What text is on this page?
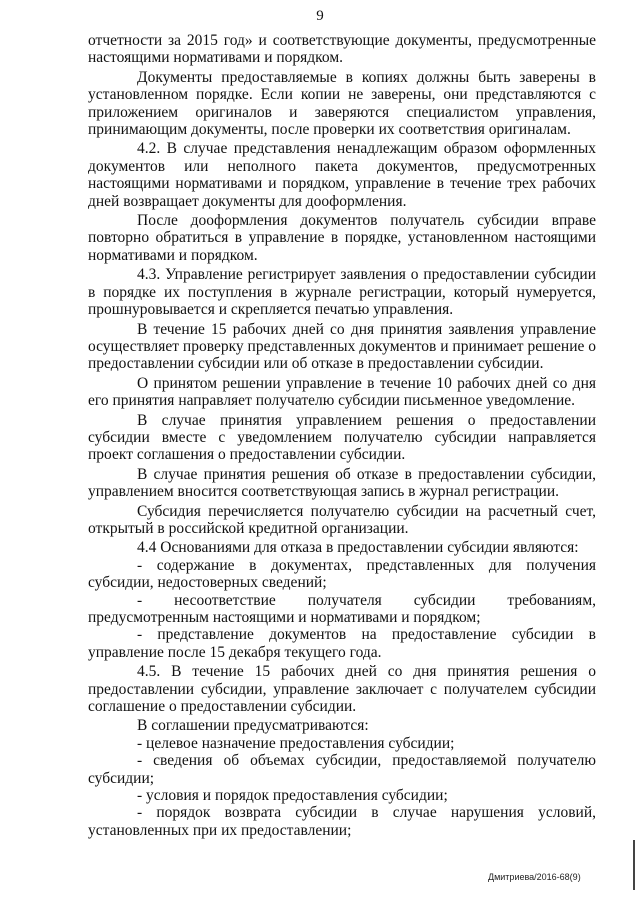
9

отчетности за 2015 год» и соответствующие документы, предусмотренные настоящими нормативами и порядком.

Документы предоставляемые в копиях должны быть заверены в установленном порядке. Если копии не заверены, они представляются с приложением оригиналов и заверяются специалистом управления, принимающим документы, после проверки их соответствия оригиналам.

4.2. В случае представления ненадлежащим образом оформленных документов или неполного пакета документов, предусмотренных настоящими нормативами и порядком, управление в течение трех рабочих дней возвращает документы для дооформления.

После дооформления документов получатель субсидии вправе повторно обратиться в управление в порядке, установленном настоящими нормативами и порядком.

4.3. Управление регистрирует заявления о предоставлении субсидии в порядке их поступления в журнале регистрации, который нумеруется, прошнуровывается и скрепляется печатью управления.

В течение 15 рабочих дней со дня принятия заявления управление осуществляет проверку представленных документов и принимает решение о предоставлении субсидии или об отказе в предоставлении субсидии.

О принятом решении управление в течение 10 рабочих дней со дня его принятия направляет получателю субсидии письменное уведомление.

В случае принятия управлением решения о предоставлении субсидии вместе с уведомлением получателю субсидии направляется проект соглашения о предоставлении субсидии.

В случае принятия решения об отказе в предоставлении субсидии, управлением вносится соответствующая запись в журнал регистрации.

Субсидия перечисляется получателю субсидии на расчетный счет, открытый в российской кредитной организации.

4.4 Основаниями для отказа в предоставлении субсидии являются:

- содержание в документах, представленных для получения субсидии, недостоверных сведений;

- несоответствие получателя субсидии требованиям, предусмотренным настоящими и нормативами и порядком;

- представление документов на предоставление субсидии в управление после 15 декабря текущего года.

4.5. В течение 15 рабочих дней со дня принятия решения о предоставлении субсидии, управление заключает с получателем субсидии соглашение о предоставлении субсидии.

В соглашении предусматриваются:

- целевое назначение предоставления субсидии;

- сведения об объемах субсидии, предоставляемой получателю субсидии;

- условия и порядок предоставления субсидии;

- порядок возврата субсидии в случае нарушения условий, установленных при их предоставлении;

Дмитриева/2016-68(9)
